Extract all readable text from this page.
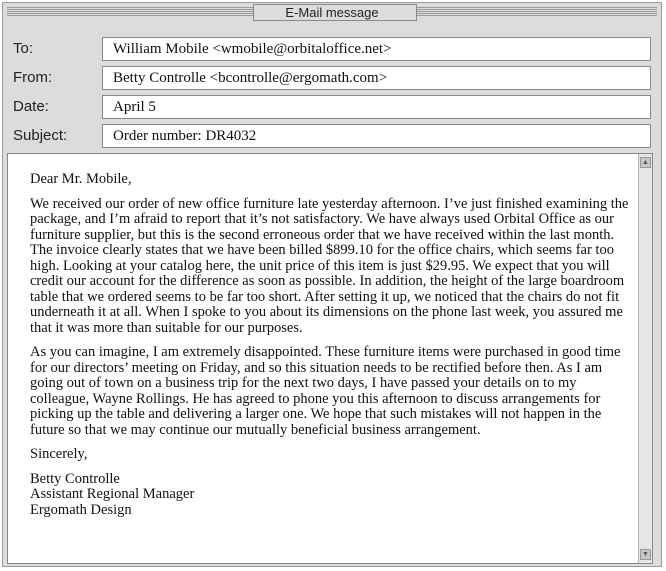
E-Mail message
To:	William Mobile <wmobile@orbitaloffice.net>
From:	Betty Controlle <bcontrolle@ergomath.com>
Date:	April 5
Subject:	Order number: DR4032

Dear Mr. Mobile,

We received our order of new office furniture late yesterday afternoon. I’ve just finished examining the package, and I’m afraid to report that it’s not satisfactory. We have always used Orbital Office as our furniture supplier, but this is the second erroneous order that we have received within the last month. The invoice clearly states that we have been billed $899.10 for the office chairs, which seems far too high. Looking at your catalog here, the unit price of this item is just $29.95. We expect that you will credit our account for the difference as soon as possible. In addition, the height of the large boardroom table that we ordered seems to be far too short. After setting it up, we noticed that the chairs do not fit underneath it at all. When I spoke to you about its dimensions on the phone last week, you assured me that it was more than suitable for our purposes.

As you can imagine, I am extremely disappointed. These furniture items were purchased in good time for our directors’ meeting on Friday, and so this situation needs to be rectified before then. As I am going out of town on a business trip for the next two days, I have passed your details on to my colleague, Wayne Rollings. He has agreed to phone you this afternoon to discuss arrangements for picking up the table and delivering a larger one. We hope that such mistakes will not happen in the future so that we may continue our mutually beneficial business arrangement.

Sincerely,

Betty Controlle
Assistant Regional Manager
Ergomath Design
▲
▼
